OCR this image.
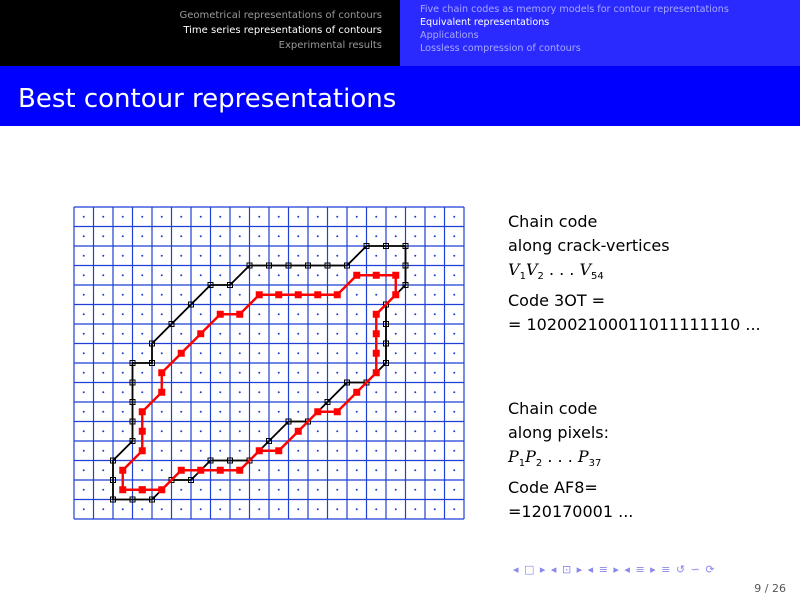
Geometrical representations of contours
Time series representations of contours
Experimental results
Five chain codes as memory models for contour representations
Equivalent representations
Applications
Lossless compression of contours
Best contour representations
Chain code
along crack-vertices
$V_1V_2$ . . . $V_{54}$
Code 3OT =
= 102002100011011111110 ...
Chain code
along pixels:
$P_1P_2$ . . . $P_{37}$
Code AF8=
=120170001 ...
◂ □ ▸ ◂ ⊡ ▸ ◂ ≡ ▸ ◂ ≡ ▸ ≡ ↺ ∽ ⟳
9 / 26
